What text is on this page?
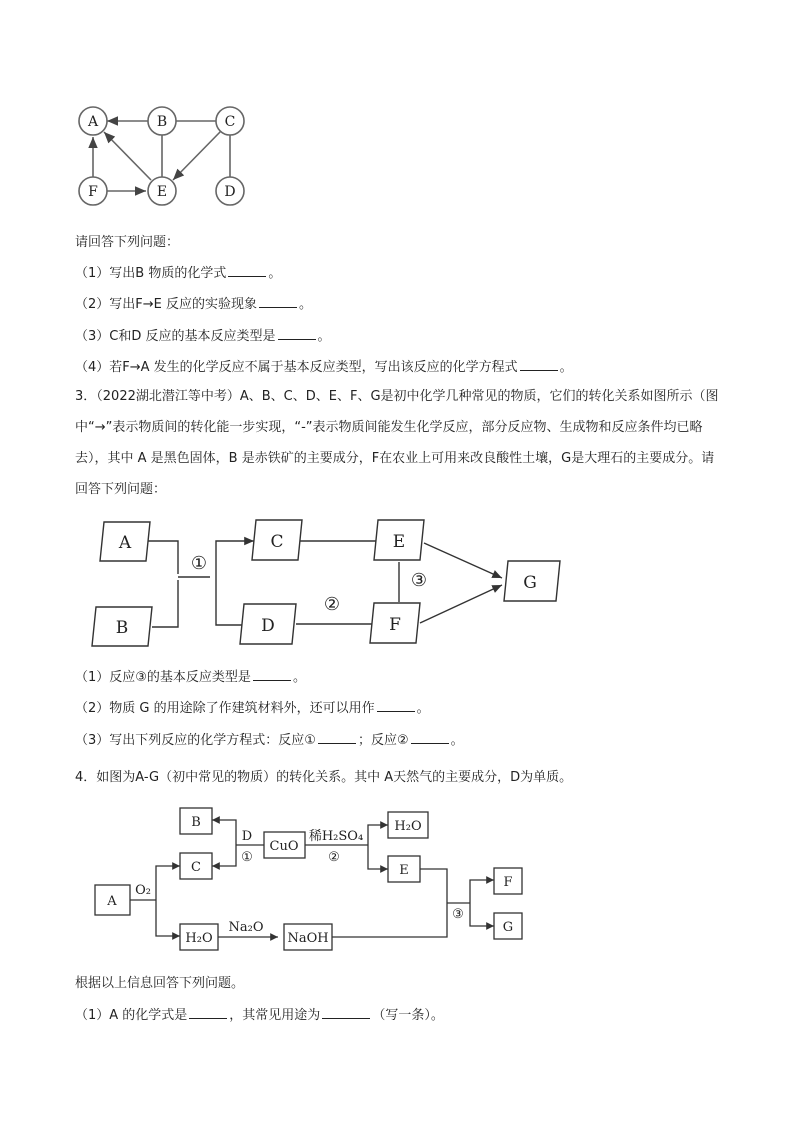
A	B	C
D
E
F
请回答下列问题：
（1）写出B 物质的化学式	。
（2）写出F→E 反应的实验现象	。
（3）C和D 反应的基本反应类型是	。
（4）若F→A 发生的化学反应不属于基本反应类型，写出该反应的化学方程式	。
3．（2022湖北潜江等中考）A、B、C、D、E、F、G是初中化学几种常见的物质，它们的转化关系如图所示（图中“→”表示物质间的转化能一步实现，“-”表示物质间能发生化学反应，部分反应物、生成物和反应条件均已略去），其中 A 是黑色固体，B 是赤铁矿的主要成分，F在农业上可用来改良酸性土壤，G是大理石的主要成分。请回答下列问题：
A
B
C
D
E
F
G
①
②
③
（1）反应③的基本反应类型是	。
（2）物质 G 的用途除了作建筑材料外，还可以用作	。
（3）写出下列反应的化学方程式：反应①	；反应②	。
4．如图为A-G（初中常见的物质）的转化关系。其中 A天然气的主要成分，D为单质。
A
B
C
CuO
H₂O
E
H₂O	NaOH
F
G
O₂
D
①
稀H₂SO₄
②
Na₂O
③
根据以上信息回答下列问题。
（1）A 的化学式是	，其常见用途为	（写一条）。
